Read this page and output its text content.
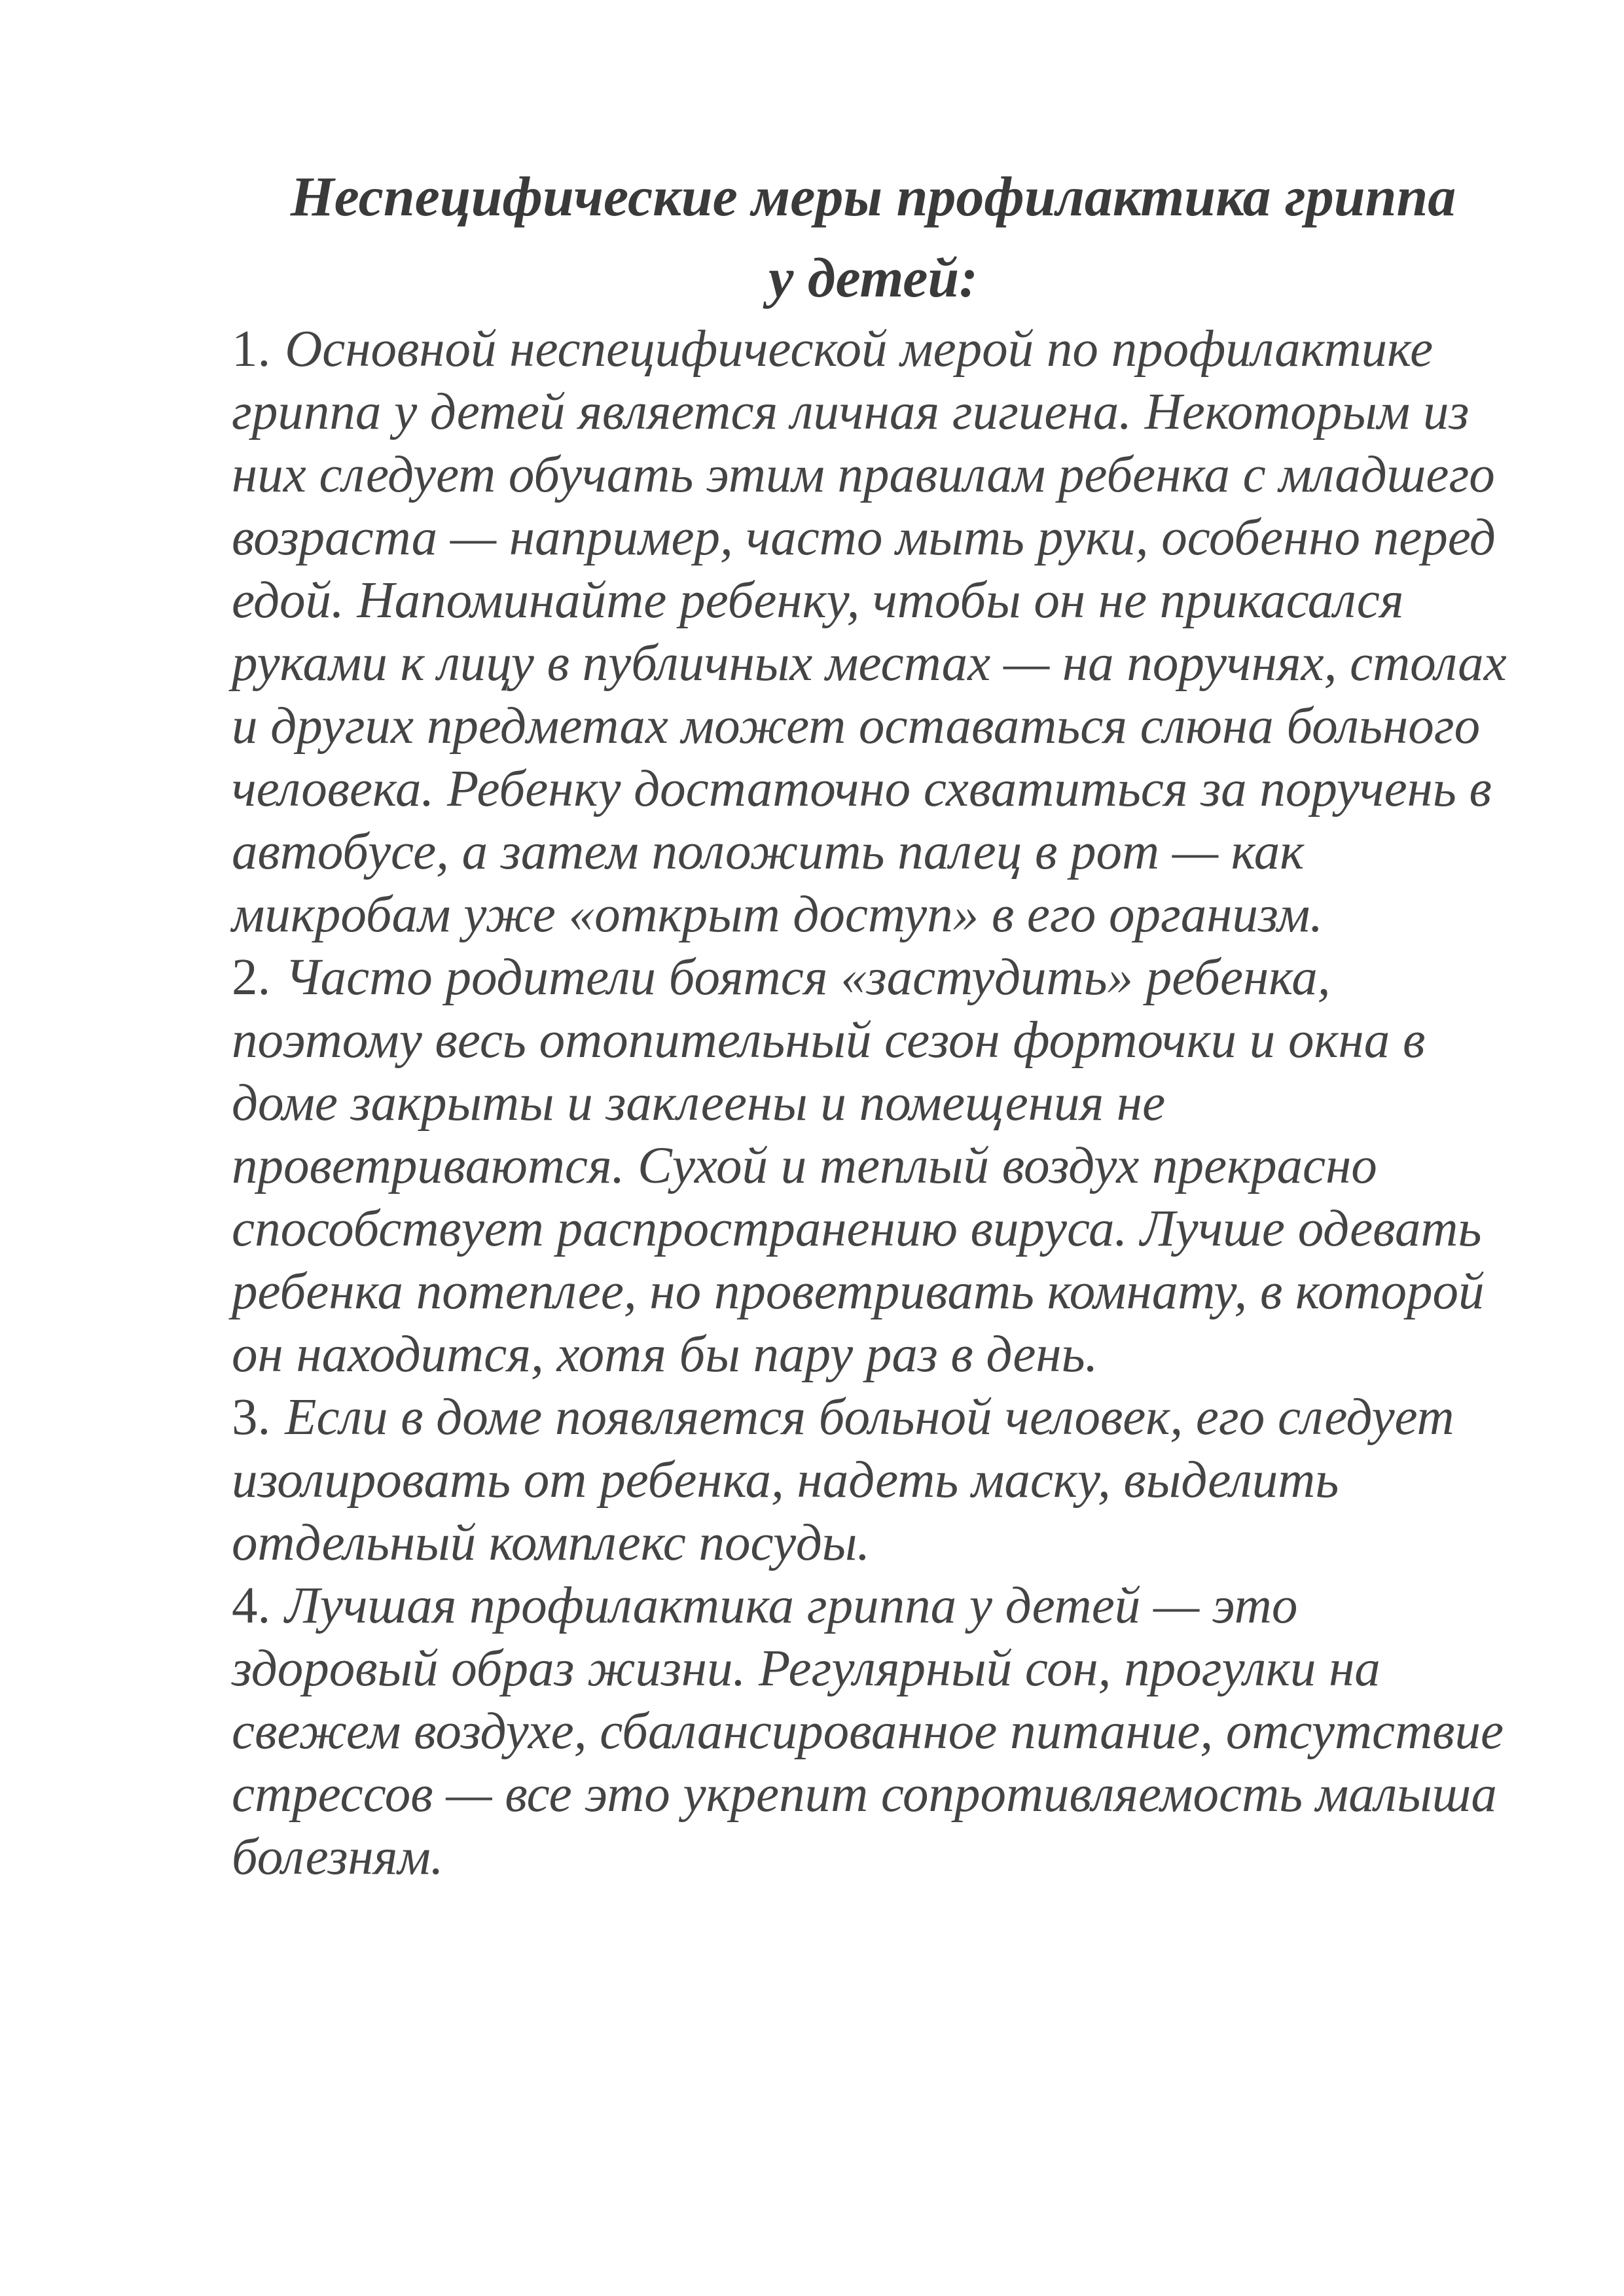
Неспецифические меры профилактика гриппа
у детей:
1. Основной неспецифической мерой по профилактике гриппа у детей является личная гигиена. Некоторым из них следует обучать этим правилам ребенка с младшего возраста — например, часто мыть руки, особенно перед едой. Напоминайте ребенку, чтобы он не прикасался руками к лицу в публичных местах — на поручнях, столах и других предметах может оставаться слюна больного человека. Ребенку достаточно схватиться за поручень в автобусе, а затем положить палец в рот — как микробам уже «открыт доступ» в его организм.
2. Часто родители боятся «застудить» ребенка, поэтому весь отопительный сезон форточки и окна в доме закрыты и заклеены и помещения не проветриваются. Сухой и теплый воздух прекрасно способствует распространению вируса. Лучше одевать ребенка потеплее, но проветривать комнату, в которой он находится, хотя бы пару раз в день.
3. Если в доме появляется больной человек, его следует изолировать от ребенка, надеть маску, выделить отдельный комплекс посуды.
4. Лучшая профилактика гриппа у детей — это здоровый образ жизни. Регулярный сон, прогулки на свежем воздухе, сбалансированное питание, отсутствие стрессов — все это укрепит сопротивляемость малыша болезням.
